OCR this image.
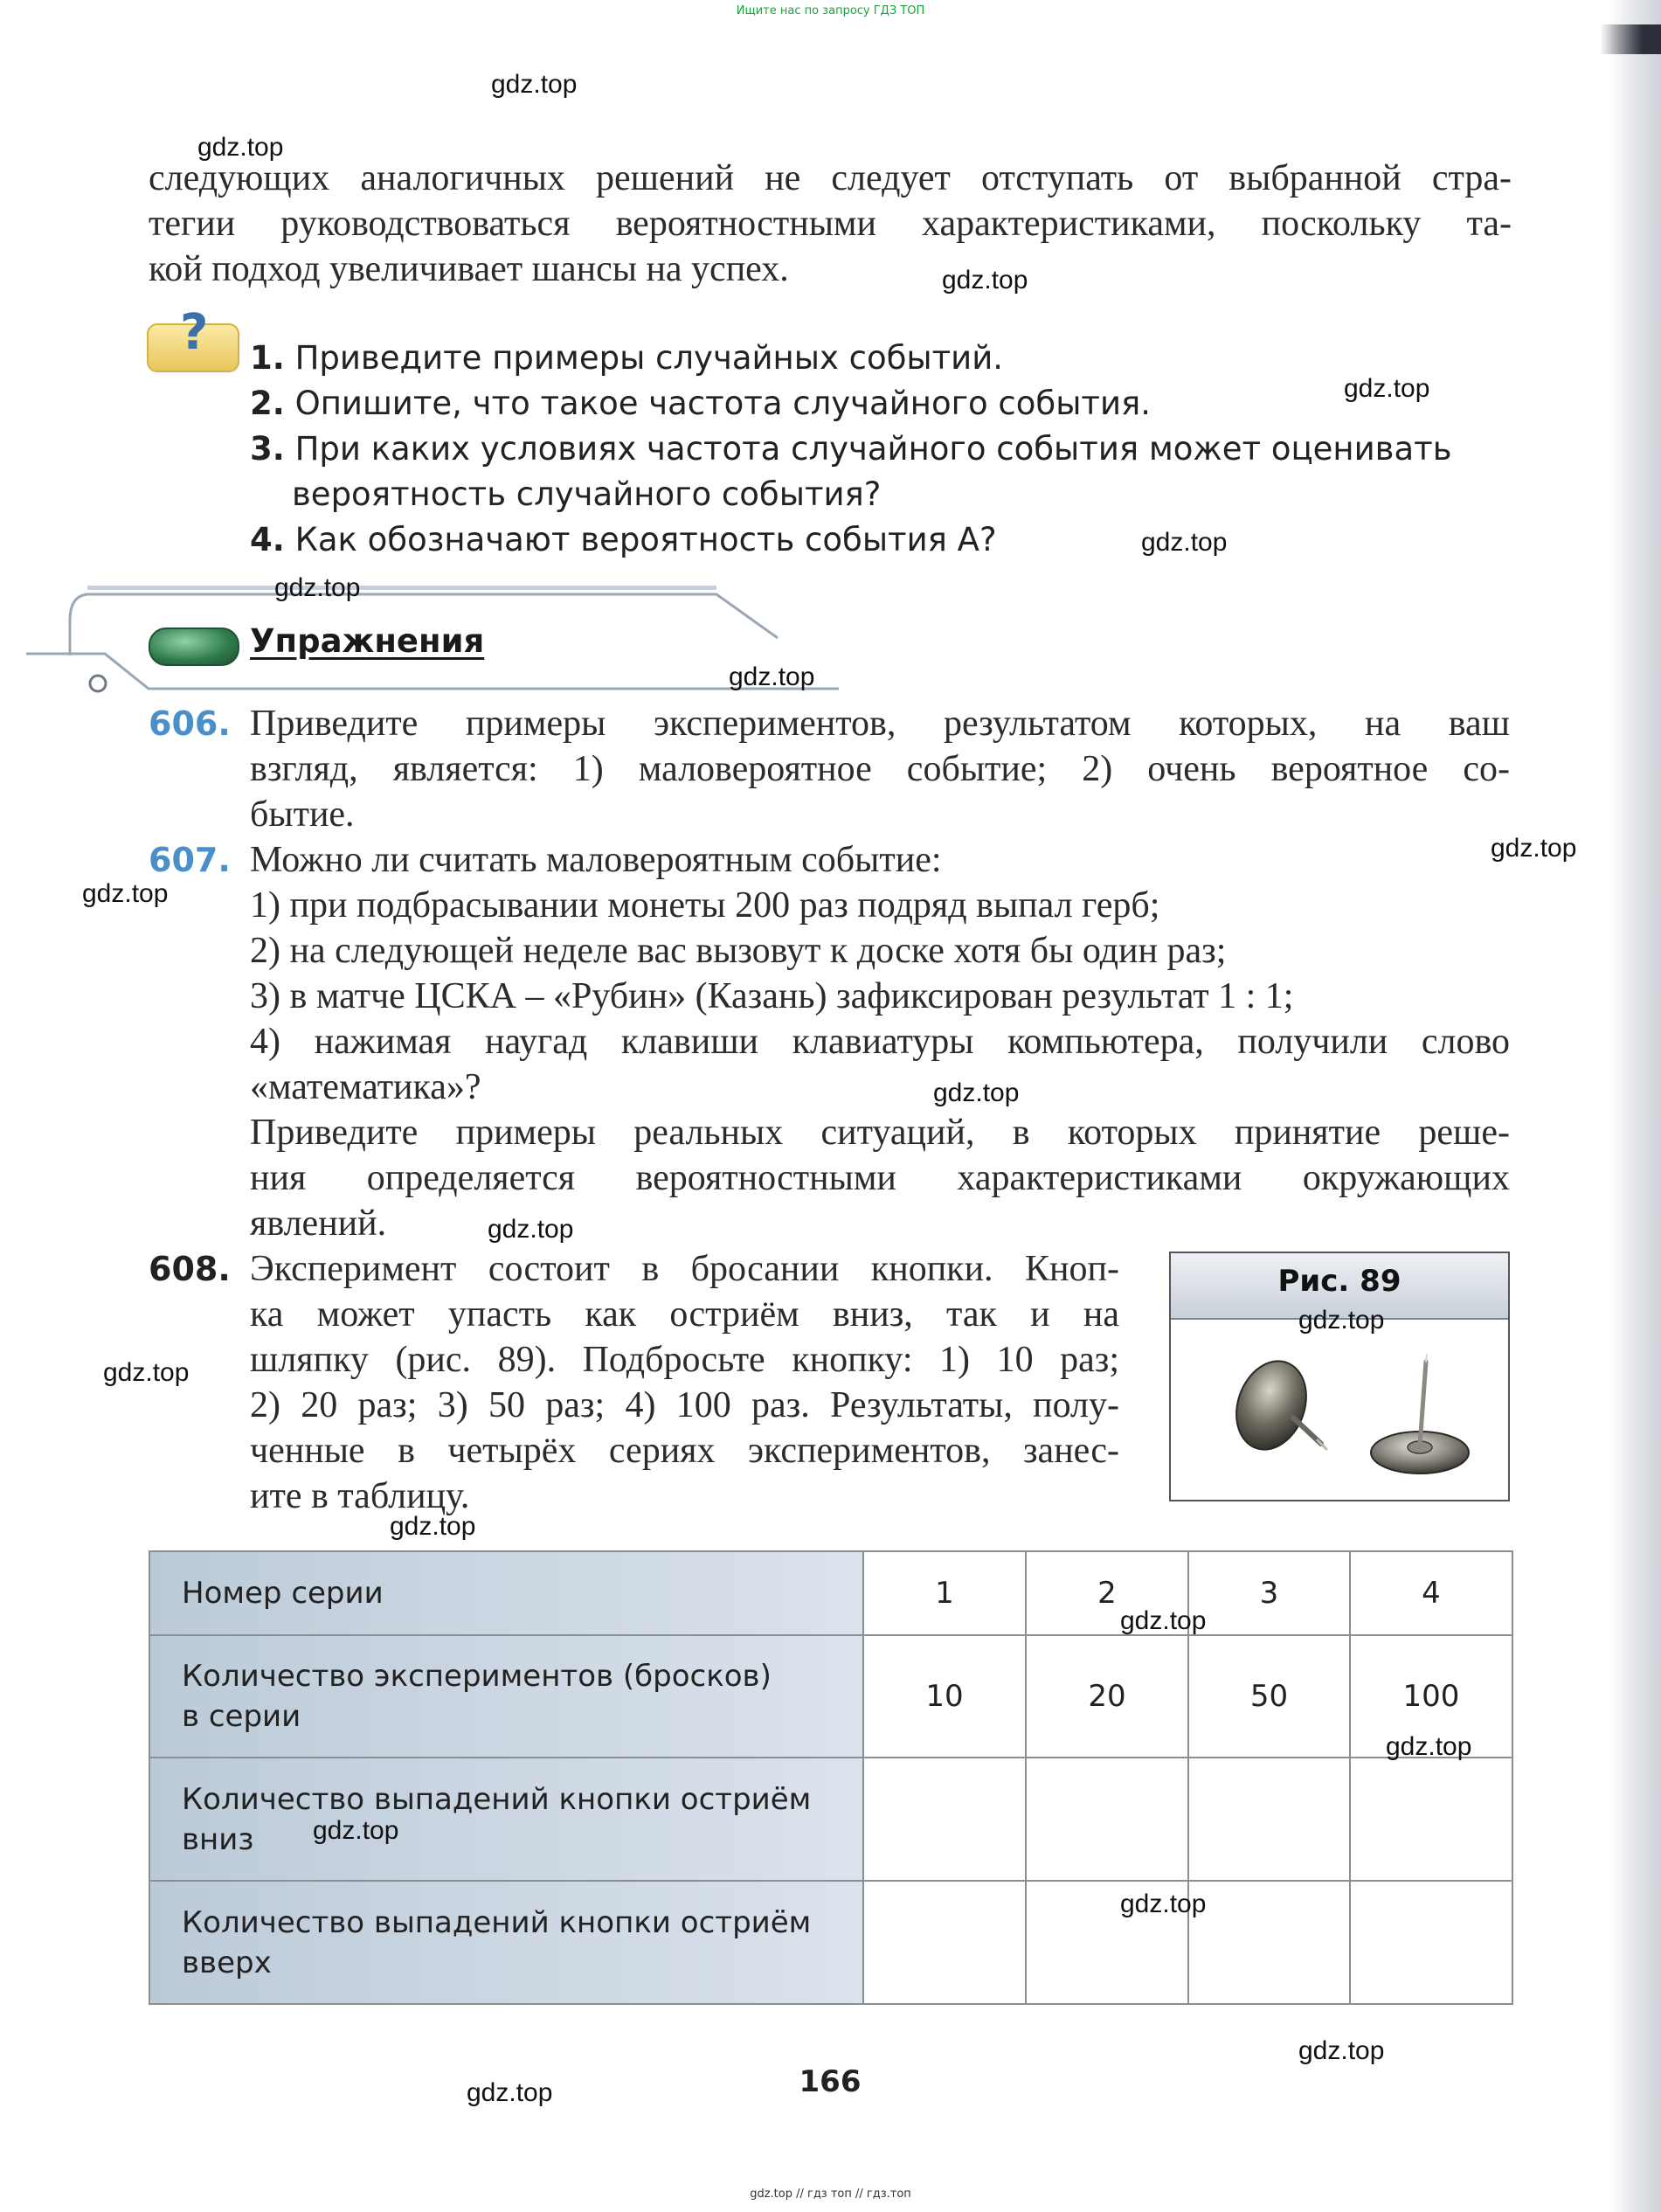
Ищите нас по запросу ГДЗ ТОП
следующих аналогичных решений не следует отступать от выбранной стра-
тегии руководствоваться вероятностными характеристиками, поскольку та-
кой подход увеличивает шансы на успех.
? 1. Приведите примеры случайных событий.
2. Опишите, что такое частота случайного события.
3. При каких условиях частота случайного события может оценивать
вероятность случайного события?
4. Как обозначают вероятность события A?
Упражнения
606. Приведите примеры экспериментов, результатом которых, на ваш
взгляд, является: 1) маловероятное событие; 2) очень вероятное со-
бытие.
607. Можно ли считать маловероятным событие:
1) при подбрасывании монеты 200 раз подряд выпал герб;
2) на следующей неделе вас вызовут к доске хотя бы один раз;
3) в матче ЦСКА – «Рубин» (Казань) зафиксирован результат 1 : 1;
4) нажимая наугад клавиши клавиатуры компьютера, получили слово
«математика»?
Приведите примеры реальных ситуаций, в которых принятие реше-
ния определяется вероятностными характеристиками окружающих
явлений.
608. Эксперимент состоит в бросании кнопки. Кноп-
ка может упасть как остриём вниз, так и на
шляпку (рис. 89). Подбросьте кнопку: 1) 10 раз;
2) 20 раз; 3) 50 раз; 4) 100 раз. Результаты, полу-
ченные в четырёх сериях экспериментов, занес-
ите в таблицу.
Рис. 89
Номер серии	1	2	3	4
Количество экспериментов (бросков)
в серии	10	20	50	100
Количество выпадений кнопки остриём
вниз				
Количество выпадений кнопки остриём
вверх				
166
gdz.top
gdz.top
gdz.top
gdz.top
gdz.top
gdz.top
gdz.top
gdz.top
gdz.top
gdz.top
gdz.top
gdz.top
gdz.top
gdz.top
gdz.top
gdz.top
gdz.top
gdz.top
gdz.top
gdz.top
gdz.top // гдз топ // гдз.топ
